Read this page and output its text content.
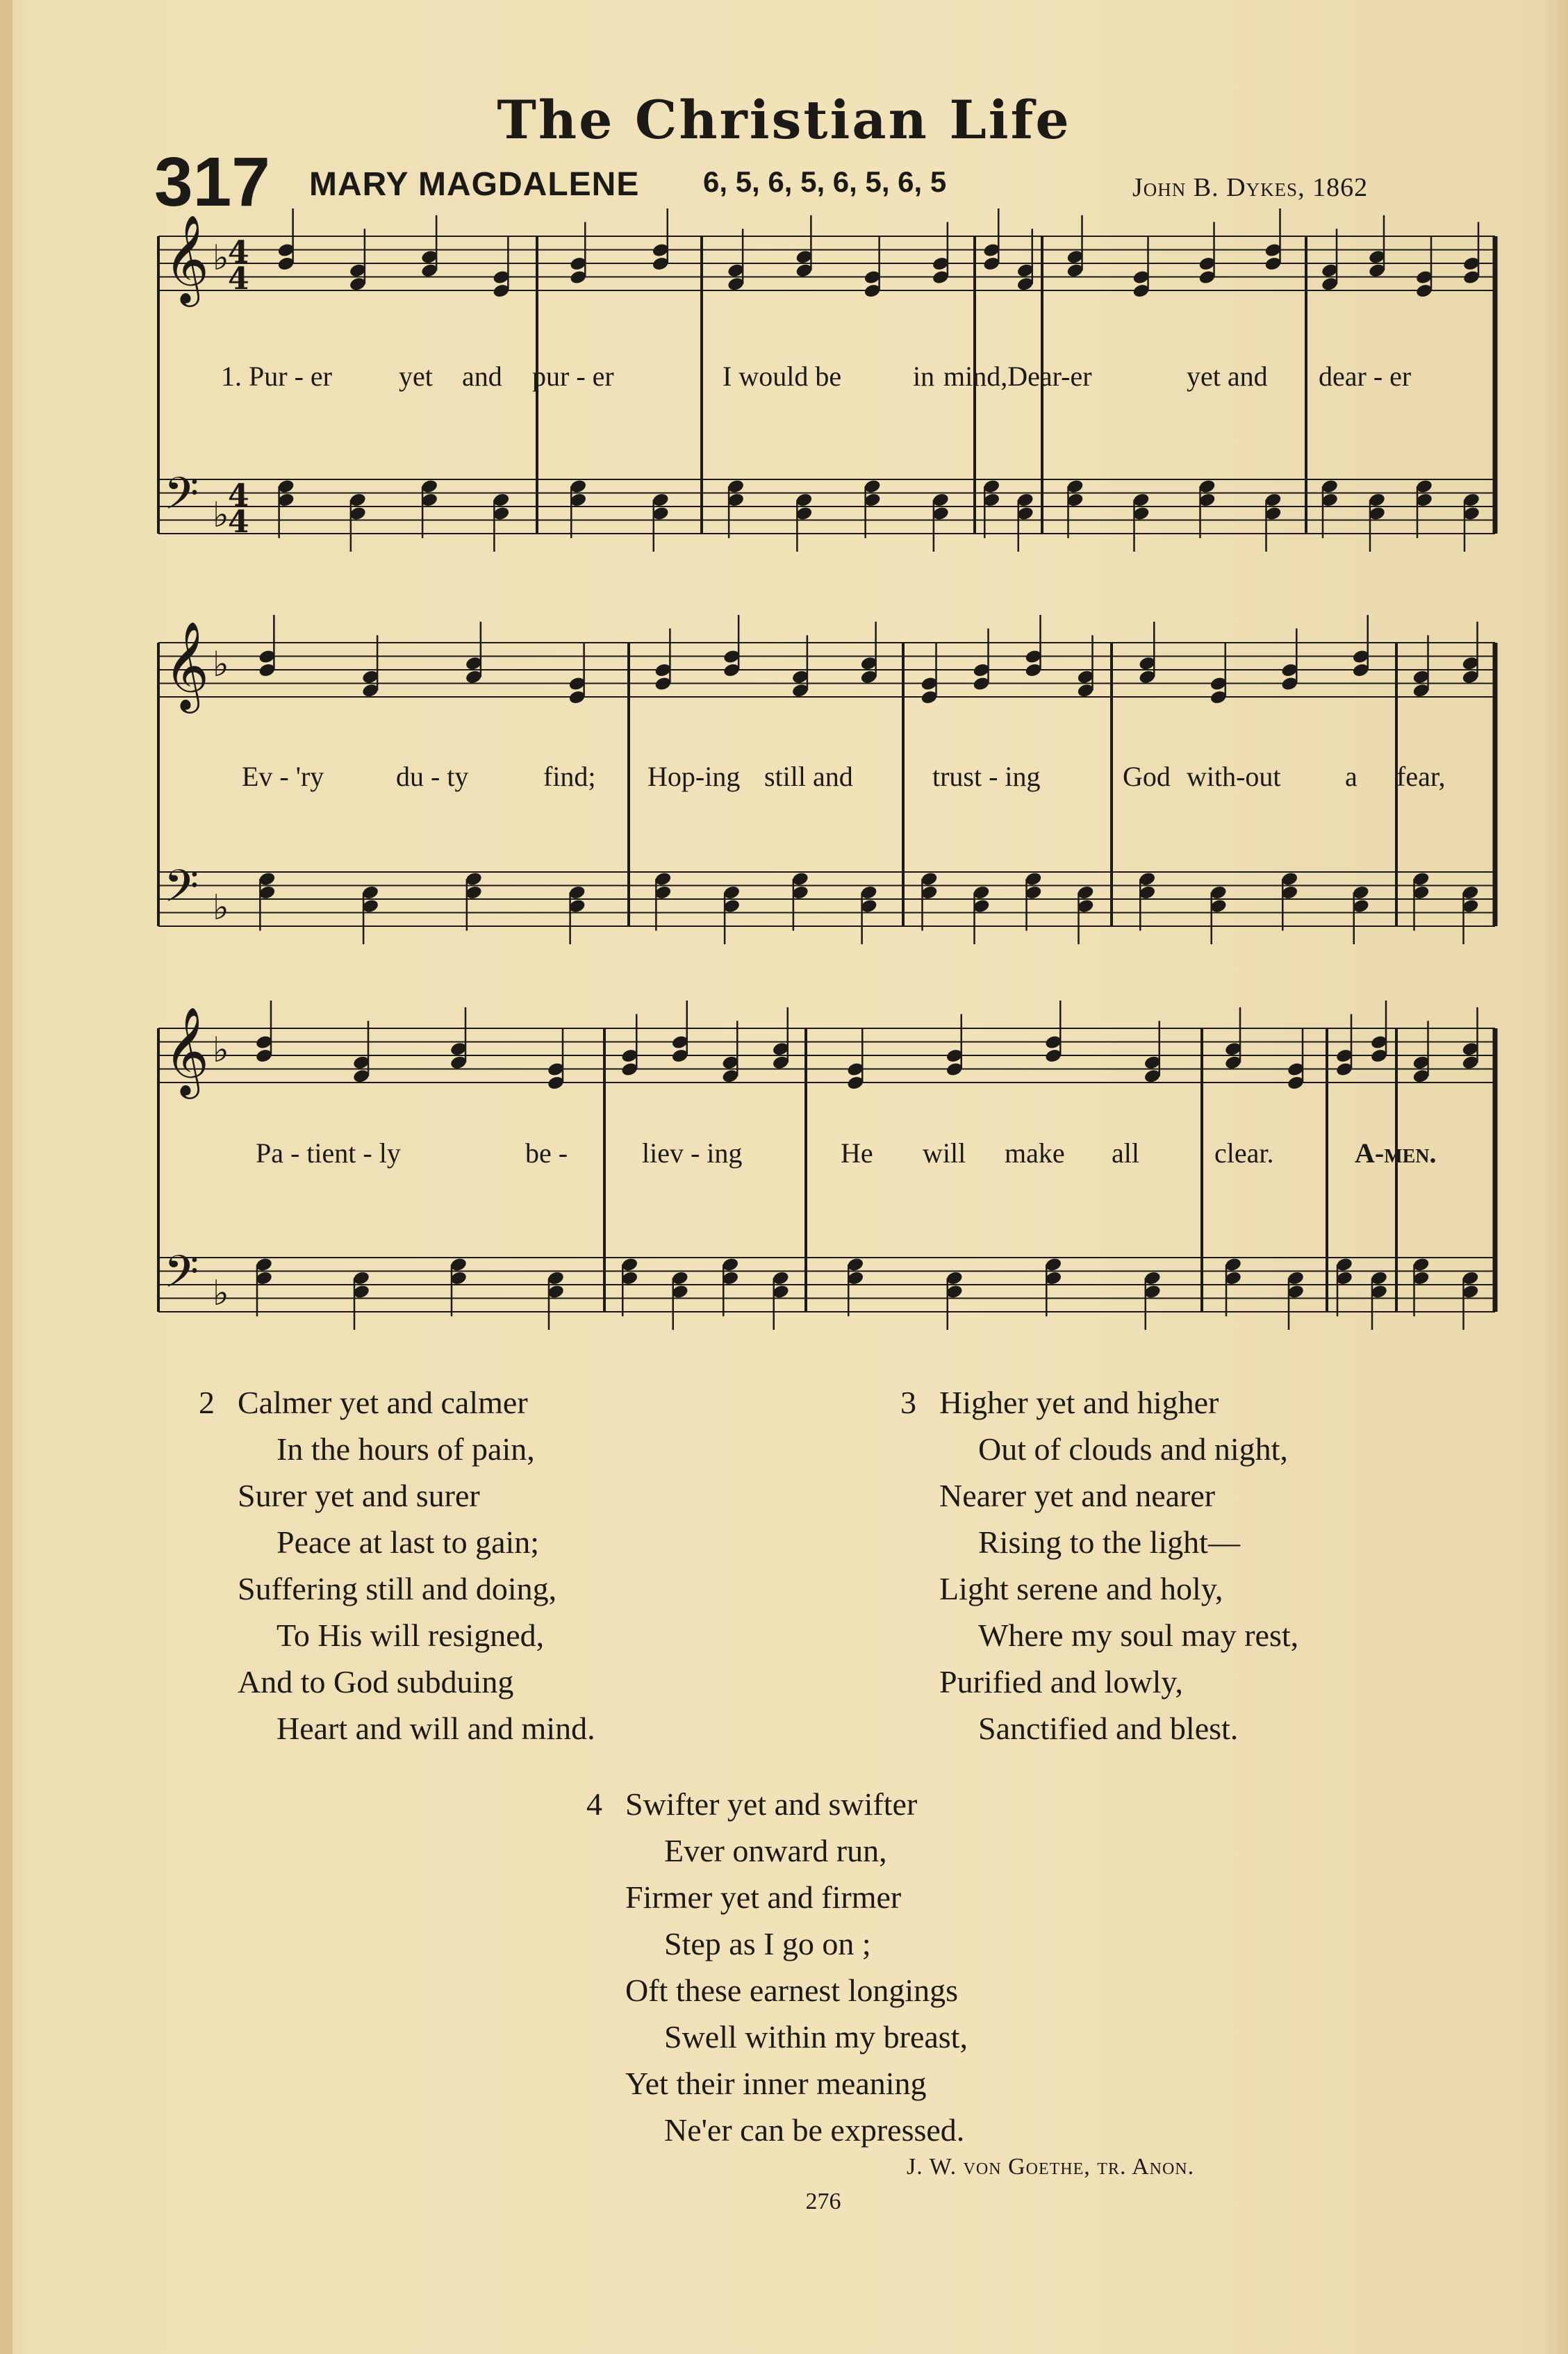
The Christian Life
317 MARY MAGDALENE 6, 5, 6, 5, 6, 5, 6, 5	John B. Dykes, 1862
𝄞 ♭
4
4
𝄢 ♭
4
4
𝄞 ♭
𝄢 ♭
𝄞 ♭
𝄢 ♭
1. Pur - er yet and pur - er	I would be	in mind,Dear-er	yet and dear - er
Ev - 'ry	du - ty	find; Hop-ing still and	trust - ing	God with-out a fear,
Pa - tient - ly	be -	liev - ing	He will make all	clear.	A-men.
2 Calmer yet and calmer
In the hours of pain,
Surer yet and surer
Peace at last to gain;
Suffering still and doing,
To His will resigned,
And to God subduing
Heart and will and mind.
3 Higher yet and higher
Out of clouds and night,
Nearer yet and nearer
Rising to the light—
Light serene and holy,
Where my soul may rest,
Purified and lowly,
Sanctified and blest.
4 Swifter yet and swifter
Ever onward run,
Firmer yet and firmer
Step as I go on ;
Oft these earnest longings
Swell within my breast,
Yet their inner meaning
Ne'er can be expressed.
J. W. von Goethe, tr. Anon.
276
